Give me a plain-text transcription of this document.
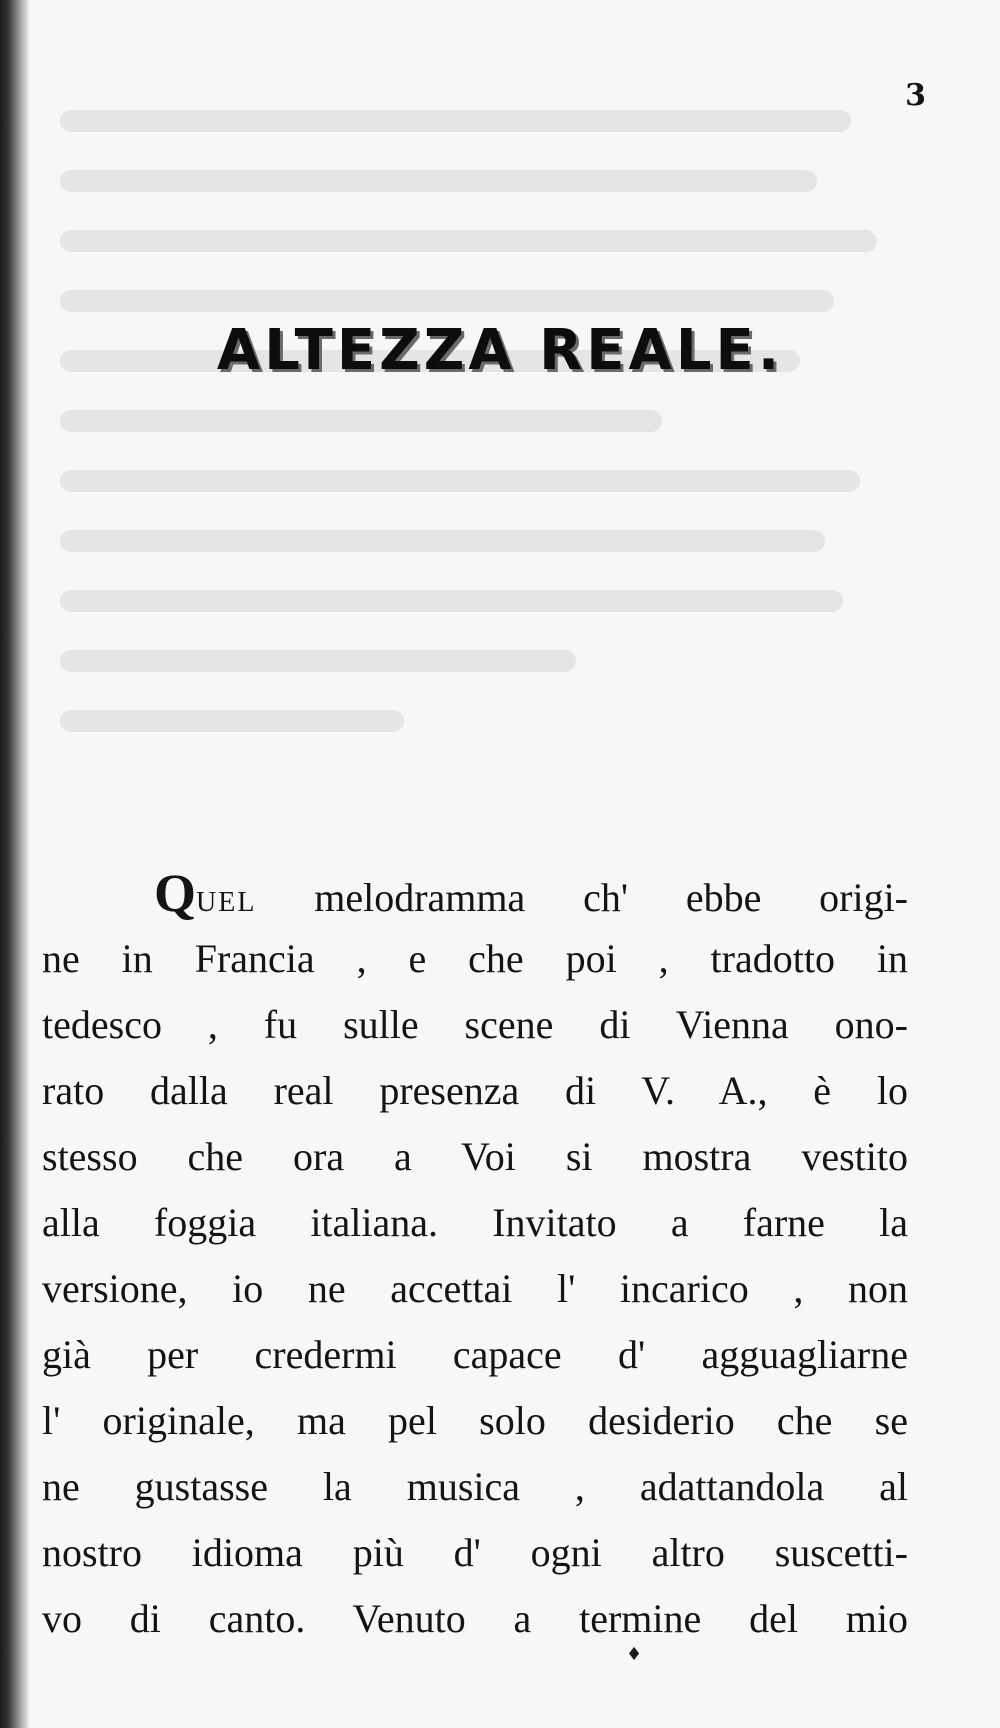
3
ALTEZZA REALE.
QUEL melodramma ch' ebbe origi-
ne in Francia , e che poi , tradotto in
tedesco , fu sulle scene di Vienna ono-
rato dalla real presenza di V. A., è lo
stesso che ora a Voi si mostra vestito
alla foggia italiana. Invitato a farne la
versione, io ne accettai l' incarico , non
già per credermi capace d' agguagliarne
l' originale, ma pel solo desiderio che se
ne gustasse la musica , adattandola al
nostro idioma più d' ogni altro suscetti-
vo di canto. Venuto a termine del mio
♦
